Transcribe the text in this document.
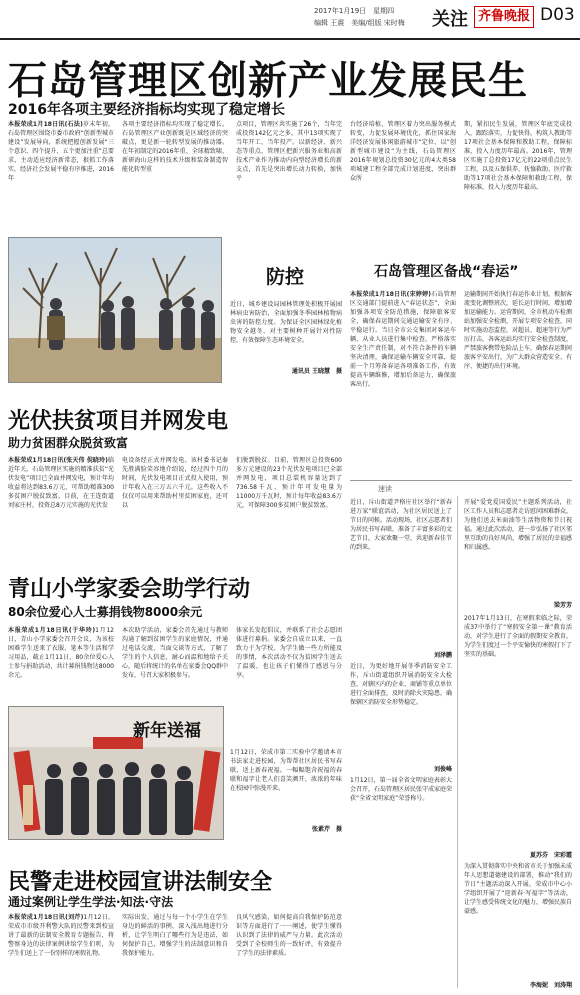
2017年1月19日　星期四
编辑 王震　美编/组版 宋时梅 关注 齐鲁晚报 D03
石岛管理区创新产业发展民生
2016年各项主要经济指标均实现了稳定增长
本报荣成1月18日讯(石法)岁末年初，石岛管理区围绕市委市政府“创新型城市建设”发展导向，系统把握创新发展“三个意识、四个提升、五个更加注重”总要求，主动适应经济新常态，狠抓工作落实，经济社会发展平稳有序推进，2016年
各项主要经济指标均实现了稳定增长。石岛管理区产业创新既是区域经济的突破点，更是新一轮转型发展的推动器。在年初制定的2016年重、全球精致啸、新研海山这样的技术升级和装备制造智能化转型重
点项目，管理区共实施了26个，当年完成投资142亿元之多，其中13项实现了当年开工、当年投产。以新经济、新兴态等重点，管理区把新兴服务业和高新技术产业作为推动内向型经济增长的新支点，首先是突出增长动力转换，加快平
台经济培植，管理区着力突出服务模式转变，力促发展环境优化，抓住国家海洋经济发展体闲旅游城市“定位、以”创新型城市建设“为主线，石岛管理区2016年规划总投资30亿元的4大类58项城建工程全部完成计划进度，突出群众所
期，紧扣民生发展，管理区年底完成投入，跟踪落实，力促快得，构筑人教助等17项社会基本保障和教助工程，保障标准，投入力度历年最高。2016年，管理区实施了总投资17亿元的22项重点民生工程，以及五保供养、抚恤救助、医疗救助等17项社会基本保障和救助工程，保障标准，投入力度历年最高。
防控
近日，城乡建设局园林管理处积极开展园林病虫害防治，全面加强冬季园林植物病虫害的防控力度。为保证全区园林绿化植物安全越冬，对主要树种开展针对性防控，有效保障生态环境安全。
通讯员 王晓慧　摄
石岛管理区备战“春运”
本报荣成1月18日讯(宋婷婷)石岛管理区交通部门提前进入“春运状态”，全面加强各项安全防范措施，保障旅客安全，确保春运期间交通运输安全有序、平稳运行。当日全市公交集团对客运车辆、从业人员进行集中检查，严格落实安全生产责任制，对不符合条件的车辆坚决清理，确保运输车辆安全可靠，提前一个月筹备春运各项准备工作，有效提高车辆维修，增加后备运力，确保旅客出行。
运输期间开始执行春运作业计划，根据客流变化调整班次，延长运行时间，增加增加运输能力。运营期间，全市机动车检测站加强安全检测，开展专项安全检查，同时实施动态监控，对超员、超速等行为严厉打击，各客运站均实行安全检查制度，严禁旅客携带危险品上车，确保春运期间旅客平安出行，为广大群众营造安全、有序、便捷的出行环境。
光伏扶贫项目并网发电
助力贫困群众脱贫致富
本报荣成1月18日讯(张天伟 倪晓玲)临近年关，石岛管理区实施的精准扶贫“光伏发电”项目已全面并网发电，预计年均收益将达到83.6万元，可帮助精准300多贫困户脱贫致富。目前，在王连街道刘家庄村，投资总8万元实施的光伏发
电设备经正式并网发电。该村委书记秦先胜满脸笑容地介绍说，经过四个月的时间，光伏发电项目正式投入使用，预计年收入在三万五六千元。这些收入不仅仅可以用来帮助村里贫困家庭，还可以
们脱到脱贫。目前，管理区总投资600多万元建设的23个光伏发电项目已全部并网发电，项目总装机容量达到了736.58千瓦，预计年可发电量为11000万千瓦时，预计每年收益83.6万元，可保障300多贫困户脱贫致富。
速读
青山小学家委会助学行动
80余位爱心人士募捐钱物8000余元
本报荣成1月18日讯(于华玲)1月12日，青山小学家委会召开会议，为该校困难学生送来了衣服、笔本等生活和学习用品，截止1月11日，80余位爱心人士参与捐助活动，共计募捐钱物达8000余元。
本次助学活动，家委会首先通过与教师沟通了解到贫困学生的家庭情况，并通过电话交流、当面交谈等方式，了解了学生的个人信息，耐心而温和地给予关心，随后将统计的名单在家委会QQ群中发布，号召大家积极参与。
体家长发起倡议，并联系了社会志愿团体进行募捐。家委会自成立以来，一直致力于为学校、为学生做一些力所能及的事情，本次活动不仅为贫困学生送去了温暖，也让孩子们懂得了感恩与分享。
新年送福
1月12日，荣成市第二实验中学邀请本市书法家走进校园，为帮帮社区居民书写春联，送上新春祝福。一幅幅饱含祝福的春联和福字让老人们喜笑颜开，浓浓的年味在校园中弥漫开来。
张素芹　摄
民警走进校园宣讲法制安全
通过案例让学生学法·知法·守法
本报荣成1月18日讯(刘芹)1月12日，荣成市市级开利警大队的民警来到校宣讲了最新的法制安全教育专题报告，将警察身边的法律案例讲给学生们听，为学生们送上了一份别样的寒假礼物。
实际出发，通过与每一个小学生在学生身边的鲜活的事例，深入浅出地进行分析，让学生明白了哪些行为是违法，如何保护自己，增强学生的法制意识和自我保护能力。
良风气感染，如何提高自我保护防范意识等方面进行了一一阐述，使学生懂得认识到了法律的威严与力量。此次活动受到了全校师生的一致好评，有效提升了学生的法律素质。
近日，斥山街道尹格庄社区举行“新春进万家”联谊活动，为社区居民送上了节日的问候。活动现场，社区志愿者们为居民书写春联，准备了丰富多彩的文艺节目，大家欢聚一堂，共迎新春佳节的到来。
刘泽鹏
近日，为更好地开展冬季消防安全工作，斥山街道组织开展消防安全大检查，对辖区内的企业、商铺等重点单位进行全面排查，及时消除火灾隐患，确保辖区消防安全形势稳定。
刘俊峰
1月12日，第一届全省文明家庭表彰大会召开，石岛管理区居民张守成家庭荣获“全省文明家庭”荣誉称号。
开展“爱党爱国爱民”主题系列活动，社区工作人员和志愿者走访慰问困难群众，为他们送去米面油等生活物资和节日祝福。通过此次活动，进一步弘扬了社区邻里互助的良好风尚，增强了居民的幸福感和归属感。
梁芳芳
2017年1月13日，在寒假来临之际，荣成37中举行了“寒假安全第一课”教育活动，对学生进行了全面的假期安全教育，为学生们度过一个平安愉快的寒假打下了坚实的基础。
夏苏芬　宋彩霞
为深入贯彻落实中央和省市关于加强未成年人思想道德建设的部署，推动“我们的节日”主题活动深入开展，荣成市中心小学组织开展了“迎新春·写福字”等活动，让学生感受传统文化的魅力，增强民族自豪感。
李海妮　刘涛翔
